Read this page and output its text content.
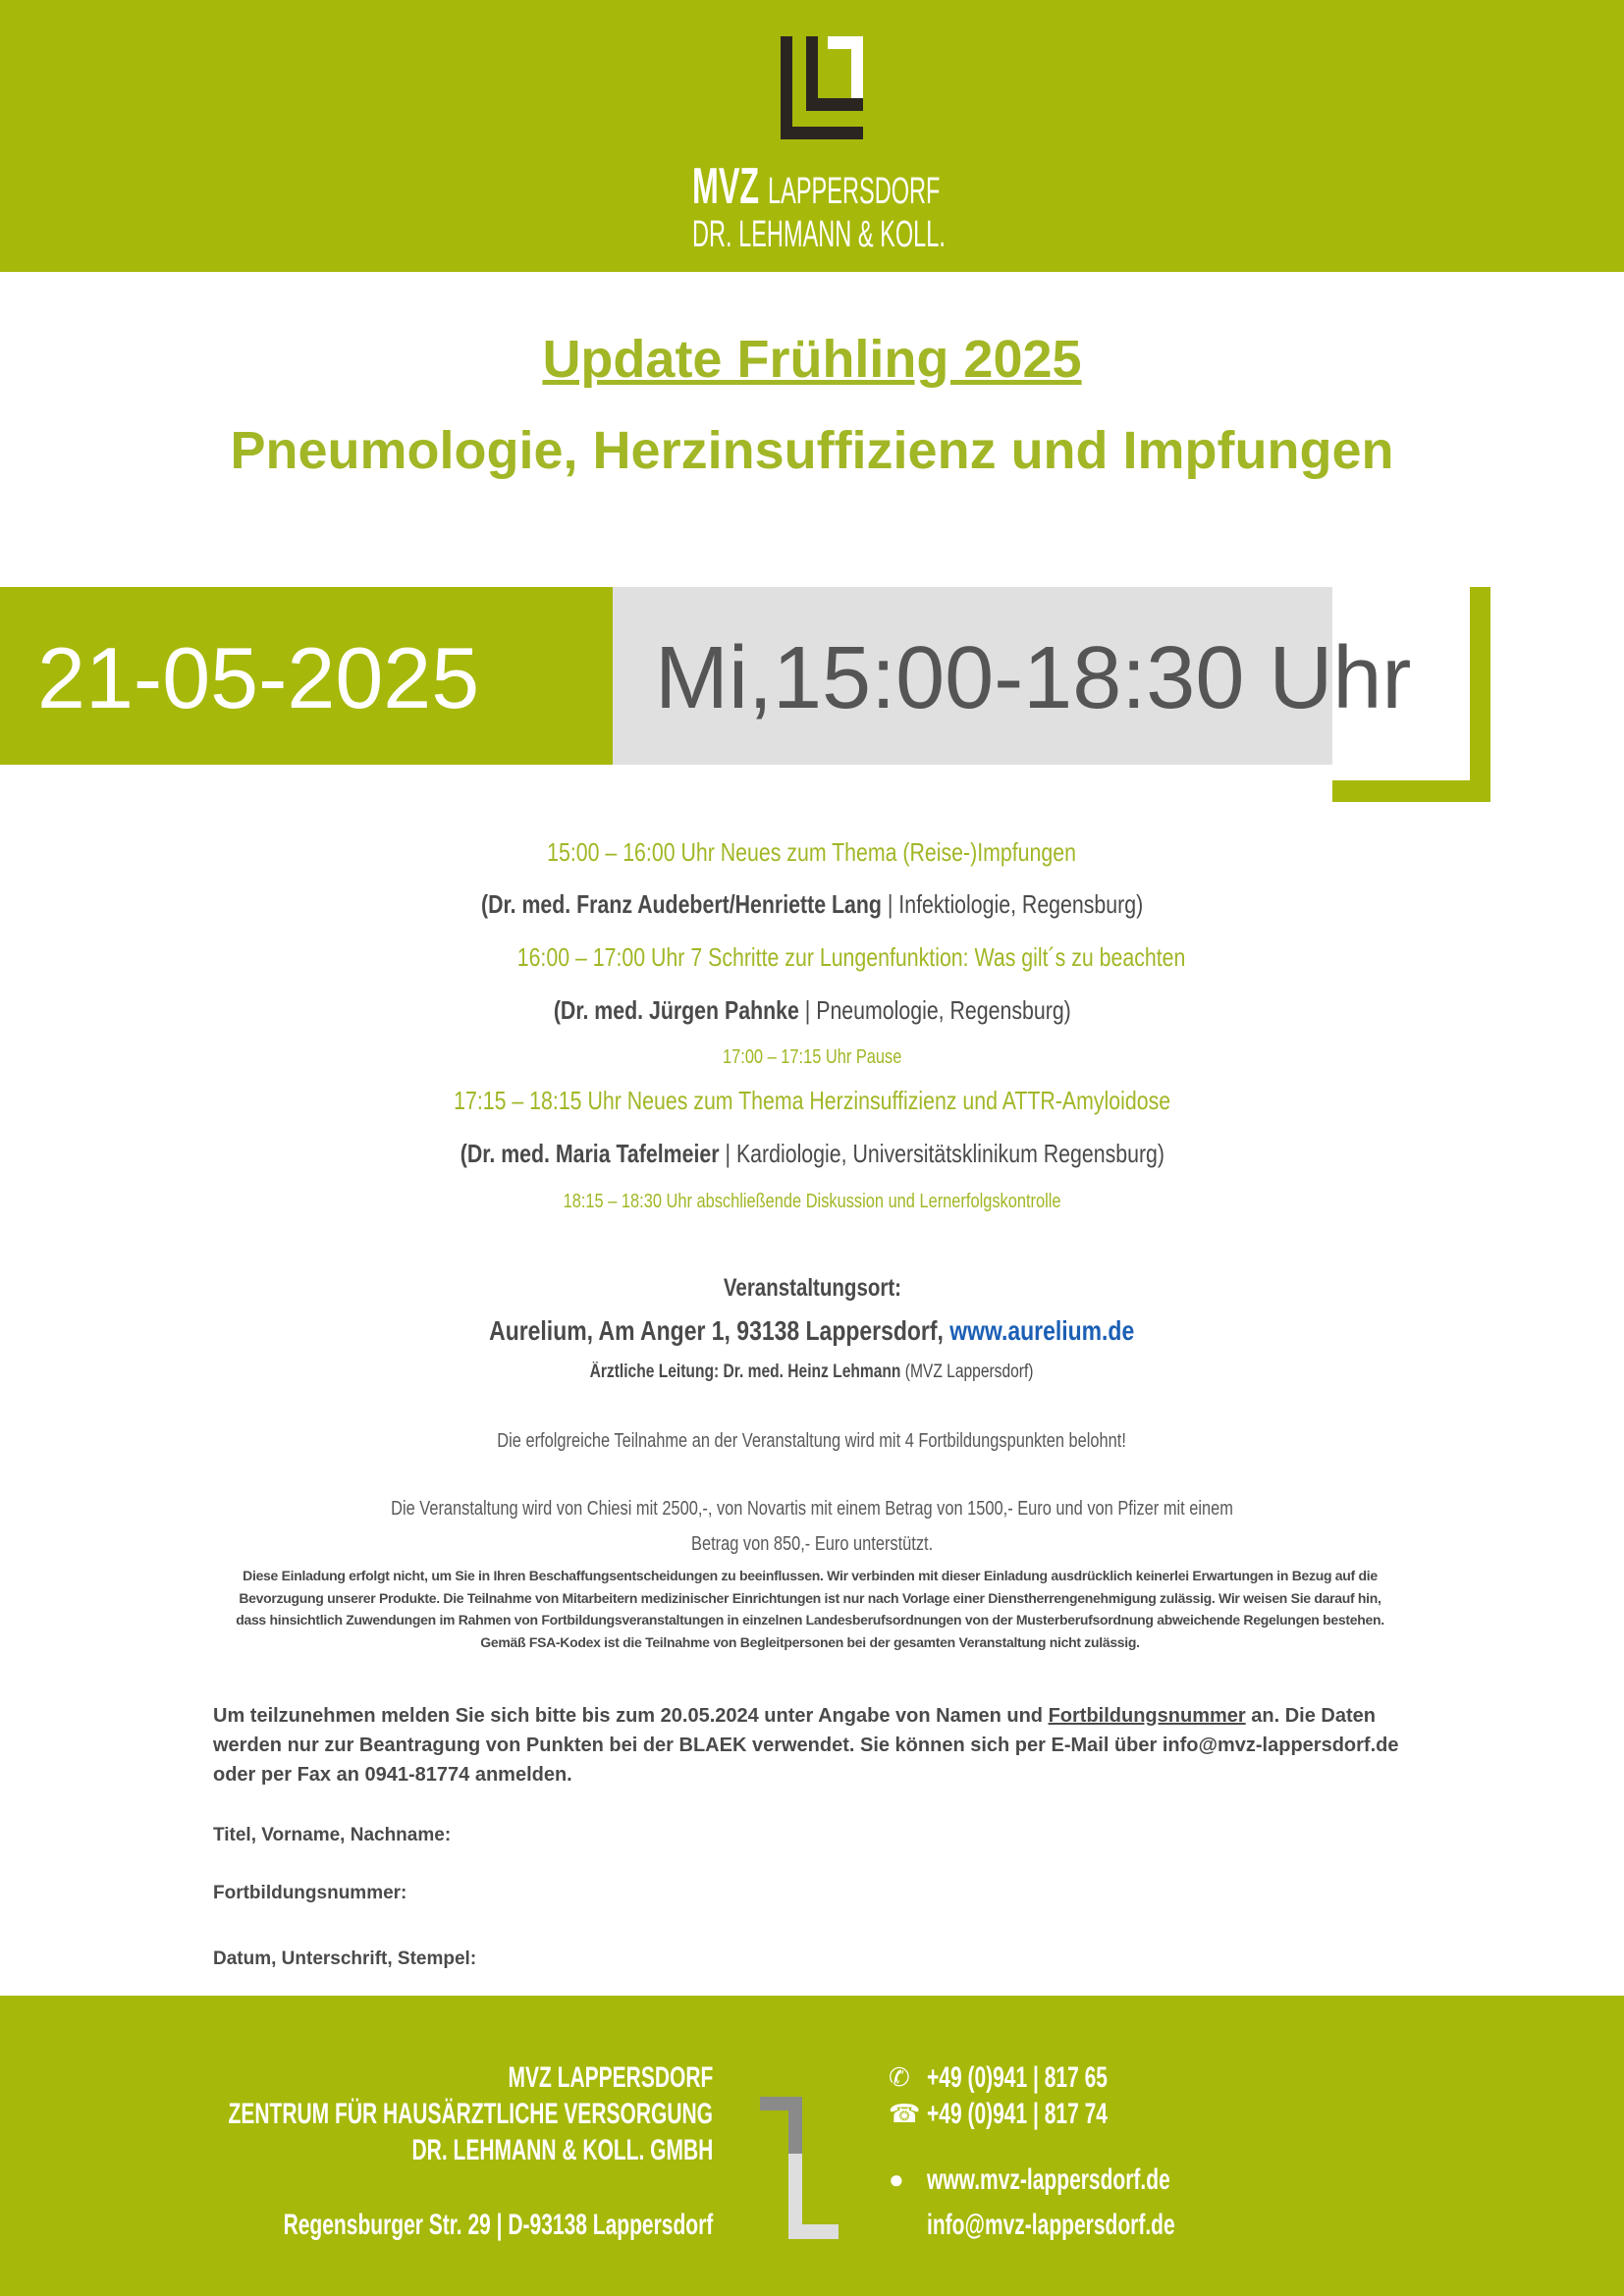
MVZ LAPPERSDORF
DR. LEHMANN & KOLL.
Update Frühling 2025
Pneumologie, Herzinsuffizienz und Impfungen
21-05-2025 Mi,15:00-18:30 Uhr
15:00 – 16:00 Uhr Neues zum Thema (Reise-)Impfungen
(Dr. med. Franz Audebert/Henriette Lang | Infektiologie, Regensburg)
16:00 – 17:00 Uhr 7 Schritte zur Lungenfunktion: Was gilt´s zu beachten
(Dr. med. Jürgen Pahnke | Pneumologie, Regensburg)
17:00 – 17:15 Uhr Pause
17:15 – 18:15 Uhr Neues zum Thema Herzinsuffizienz und ATTR-Amyloidose
(Dr. med. Maria Tafelmeier | Kardiologie, Universitätsklinikum Regensburg)
18:15 – 18:30 Uhr abschließende Diskussion und Lernerfolgskontrolle
Veranstaltungsort:
Aurelium, Am Anger 1, 93138 Lappersdorf, www.aurelium.de
Ärztliche Leitung: Dr. med. Heinz Lehmann (MVZ Lappersdorf)
Die erfolgreiche Teilnahme an der Veranstaltung wird mit 4 Fortbildungspunkten belohnt!
Die Veranstaltung wird von Chiesi mit 2500,-, von Novartis mit einem Betrag von 1500,- Euro und von Pfizer mit einem
Betrag von 850,- Euro unterstützt.
Diese Einladung erfolgt nicht, um Sie in Ihren Beschaffungsentscheidungen zu beeinflussen. Wir verbinden mit dieser Einladung ausdrücklich keinerlei Erwartungen in Bezug auf die Bevorzugung unserer Produkte. Die Teilnahme von Mitarbeitern medizinischer Einrichtungen ist nur nach Vorlage einer Dienstherrengenehmigung zulässig. Wir weisen Sie darauf hin, dass hinsichtlich Zuwendungen im Rahmen von Fortbildungsveranstaltungen in einzelnen Landesberufsordnungen von der Musterberufsordnung abweichende Regelungen bestehen. Gemäß FSA-Kodex ist die Teilnahme von Begleitpersonen bei der gesamten Veranstaltung nicht zulässig.
Um teilzunehmen melden Sie sich bitte bis zum 20.05.2024 unter Angabe von Namen und Fortbildungsnummer an. Die Daten werden nur zur Beantragung von Punkten bei der BLAEK verwendet. Sie können sich per E-Mail über info@mvz-lappersdorf.de oder per Fax an 0941-81774 anmelden.
Titel, Vorname, Nachname:
Fortbildungsnummer:
Datum, Unterschrift, Stempel:
MVZ LAPPERSDORF
ZENTRUM FÜR HAUSÄRZTLICHE VERSORGUNG
DR. LEHMANN & KOLL. GMBH
Regensburger Str. 29 | D-93138 Lappersdorf
✆ +49 (0)941 | 817 65
☎ +49 (0)941 | 817 74
● www.mvz-lappersdorf.de
info@mvz-lappersdorf.de
